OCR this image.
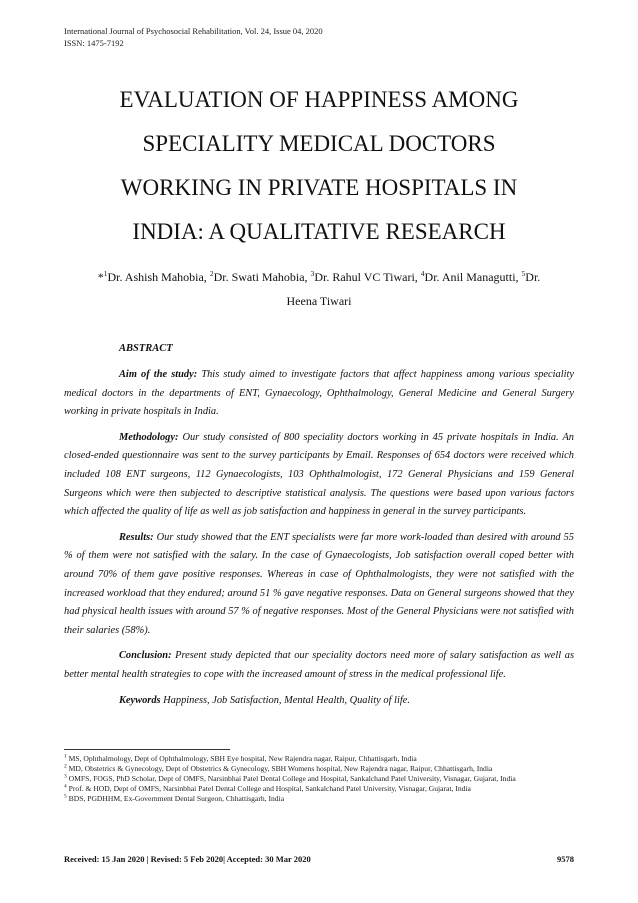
International Journal of Psychosocial Rehabilitation, Vol. 24, Issue 04, 2020
ISSN: 1475-7192
EVALUATION OF HAPPINESS AMONG
SPECIALITY MEDICAL DOCTORS
WORKING IN PRIVATE HOSPITALS IN
INDIA: A QUALITATIVE RESEARCH
*$^1$Dr. Ashish Mahobia, $^2$Dr. Swati Mahobia, $^3$Dr. Rahul VC Tiwari, $^4$Dr. Anil Managutti, $^5$Dr.
Heena Tiwari
ABSTRACT

Aim of the study: This study aimed to investigate factors that affect happiness among various speciality medical doctors in the departments of ENT, Gynaecology, Ophthalmology, General Medicine and General Surgery working in private hospitals in India.

Methodology: Our study consisted of 800 speciality doctors working in 45 private hospitals in India. An closed-ended questionnaire was sent to the survey participants by Email. Responses of 654 doctors were received which included 108 ENT surgeons, 112 Gynaecologists, 103 Ophthalmologist, 172 General Physicians and 159 General Surgeons which were then subjected to descriptive statistical analysis. The questions were based upon various factors which affected the quality of life as well as job satisfaction and happiness in general in the survey participants.

Results: Our study showed that the ENT specialists were far more work-loaded than desired with around 55 % of them were not satisfied with the salary. In the case of Gynaecologists, Job satisfaction overall coped better with around 70% of them gave positive responses. Whereas in case of Ophthalmologists, they were not satisfied with the increased workload that they endured; around 51 % gave negative responses. Data on General surgeons showed that they had physical health issues with around 57 % of negative responses. Most of the General Physicians were not satisfied with their salaries (58%).

Conclusion: Present study depicted that our speciality doctors need more of salary satisfaction as well as better mental health strategies to cope with the increased amount of stress in the medical professional life.

Keywords Happiness, Job Satisfaction, Mental Health, Quality of life.

$^1$ MS, Ophthalmology, Dept of Ophthalmology, SBH Eye hospital, New Rajendra nagar, Raipur, Chhattisgarh, India
$^2$ MD, Obstetrics & Gynecology, Dept of Obstetrics & Gynecology, SBH Womens hospital, New Rajendra nagar, Raipur, Chhattisgarh, India
$^3$ OMFS, FOGS, PhD Scholar, Dept of OMFS, Narsinbhai Patel Dental College and Hospital, Sankalchand Patel University, Visnagar, Gujarat, India
$^4$ Prof. & HOD, Dept of OMFS, Narsinbhai Patel Dental College and Hospital, Sankalchand Patel University, Visnagar, Gujarat, India
$^5$ BDS, PGDHHM, Ex-Government Dental Surgeon, Chhattisgarh, India
Received: 15 Jan 2020 | Revised: 5 Feb 2020| Accepted: 30 Mar 2020	9578
